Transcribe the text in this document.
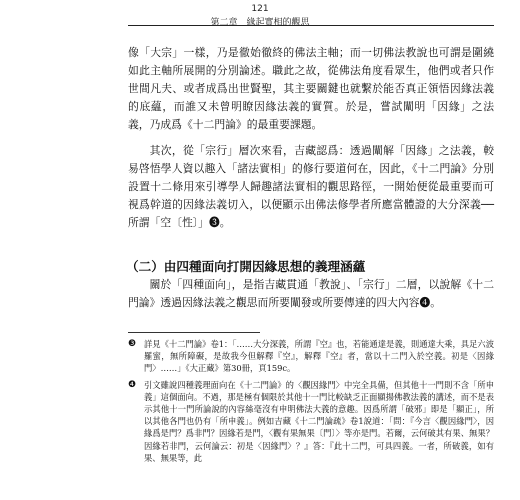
121
第二章　緣起實相的觀思

像「大宗」一樣，乃是徹始徹終的佛法主軸；而一切佛法教說也可謂是圍繞如此主軸所展開的分別論述。職此之故，從佛法角度看眾生，他們或者只作世間凡夫、或者成爲出世賢聖，其主要關鍵也就繫於能否真正領悟因緣法義的底蘊，而誰又未曾明瞭因緣法義的實質。於是，嘗試闡明「因緣」之法義，乃成爲《十二門論》的最重要課題。

其次，從「宗行」層次來看，吉藏認爲：透過闡解「因緣」之法義，較易啓悟學人資以趣入「諸法實相」的修行要道何在，因此，《十二門論》分別設置十二條用來引導學人歸趣諸法實相的觀思路徑，一開始便從最重要而可視爲幹道的因緣法義切入，以便顯示出佛法修學者所應當體證的大分深義── 所謂「空〔性〕」❸。

（二）由四種面向打開因緣思想的義理涵蘊

關於「四種面向」，是指吉藏貫通「教說」、「宗行」二層，以說解《十二門論》透過因緣法義之觀思而所要闡發或所要傳達的四大內容❹。

❸ 詳見《十二門論》卷1：「……大分深義，所謂『空』也，若能通達是義，則通達大乘，具足六波羅蜜，無所障礙，是故我今但解釋『空』，解釋『空』者，當以十二門入於空義。初是〈因緣門〉……」《大正藏》第30冊，頁159c。
❹ 引文雖說四種義理面向在《十二門論》的〈觀因緣門〉中完全具備，但其他十一門則不含「所申義」這個面向。不過，那是極有個限於其他十一門比較缺乏正面顯揚佛教法義的講述，而不是表示其他十一門所論說的內容絲毫沒有申明佛法大義的意趣。因爲所謂「破邪」即是「顯正」，所以其他各門也仍有「所申義」。例如吉藏《十二門論疏》卷1說道：「問：『今言〈觀因緣門〉，因緣爲是門？爲非門？因緣若是門，〈觀有果無果〔門〕〉等亦是門。若爾，云何破其有果、無果？因緣若非門，云何論云：初是〈因緣門〉？』答：『此十二門，可具四義。一者，所破義，如有果、無果等，此
